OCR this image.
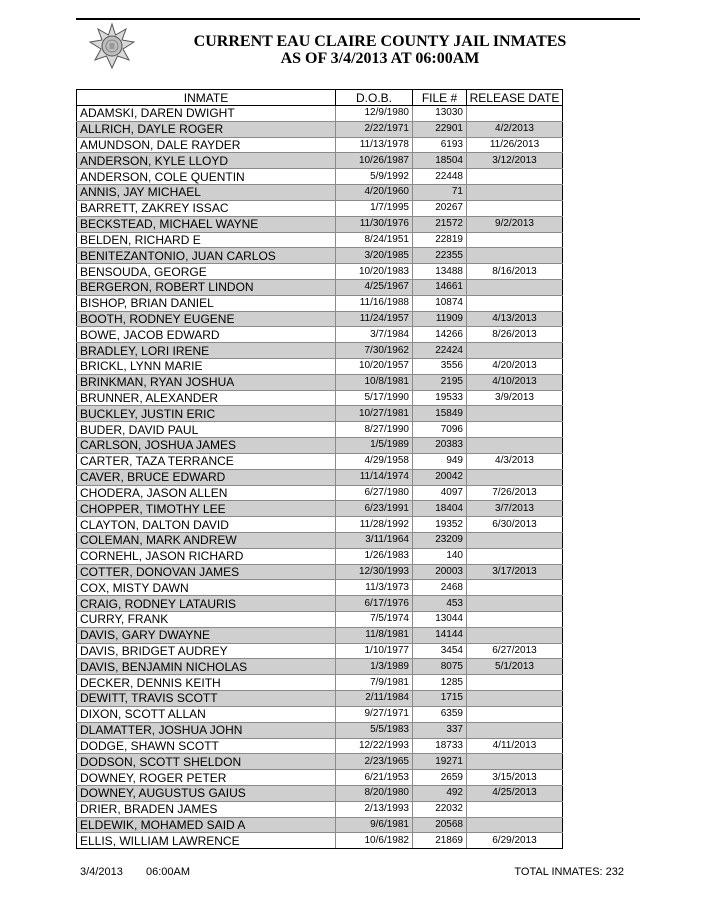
CURRENT EAU CLAIRE COUNTY JAIL INMATES
AS OF 3/4/2013 AT 06:00AM
INMATE	D.O.B.	FILE #	RELEASE DATE
ADAMSKI, DAREN DWIGHT	12/9/1980	13030	
ALLRICH, DAYLE ROGER	2/22/1971	22901	4/2/2013
AMUNDSON, DALE RAYDER	11/13/1978	6193	11/26/2013
ANDERSON, KYLE LLOYD	10/26/1987	18504	3/12/2013
ANDERSON, COLE QUENTIN	5/9/1992	22448	
ANNIS, JAY MICHAEL	4/20/1960	71	
BARRETT, ZAKREY ISSAC	1/7/1995	20267	
BECKSTEAD, MICHAEL WAYNE	11/30/1976	21572	9/2/2013
BELDEN, RICHARD E	8/24/1951	22819	
BENITEZANTONIO, JUAN CARLOS	3/20/1985	22355	
BENSOUDA, GEORGE	10/20/1983	13488	8/16/2013
BERGERON, ROBERT LINDON	4/25/1967	14661	
BISHOP, BRIAN DANIEL	11/16/1988	10874	
BOOTH, RODNEY EUGENE	11/24/1957	11909	4/13/2013
BOWE, JACOB EDWARD	3/7/1984	14266	8/26/2013
BRADLEY, LORI IRENE	7/30/1962	22424	
BRICKL, LYNN MARIE	10/20/1957	3556	4/20/2013
BRINKMAN, RYAN JOSHUA	10/8/1981	2195	4/10/2013
BRUNNER, ALEXANDER	5/17/1990	19533	3/9/2013
BUCKLEY, JUSTIN ERIC	10/27/1981	15849	
BUDER, DAVID PAUL	8/27/1990	7096	
CARLSON, JOSHUA JAMES	1/5/1989	20383	
CARTER, TAZA TERRANCE	4/29/1958	949	4/3/2013
CAVER, BRUCE EDWARD	11/14/1974	20042	
CHODERA, JASON ALLEN	6/27/1980	4097	7/26/2013
CHOPPER, TIMOTHY LEE	6/23/1991	18404	3/7/2013
CLAYTON, DALTON DAVID	11/28/1992	19352	6/30/2013
COLEMAN, MARK ANDREW	3/11/1964	23209	
CORNEHL, JASON RICHARD	1/26/1983	140	
COTTER, DONOVAN JAMES	12/30/1993	20003	3/17/2013
COX, MISTY DAWN	11/3/1973	2468	
CRAIG, RODNEY LATAURIS	6/17/1976	453	
CURRY, FRANK	7/5/1974	13044	
DAVIS, GARY DWAYNE	11/8/1981	14144	
DAVIS, BRIDGET AUDREY	1/10/1977	3454	6/27/2013
DAVIS, BENJAMIN NICHOLAS	1/3/1989	8075	5/1/2013
DECKER, DENNIS KEITH	7/9/1981	1285	
DEWITT, TRAVIS SCOTT	2/11/1984	1715	
DIXON, SCOTT ALLAN	9/27/1971	6359	
DLAMATTER, JOSHUA JOHN	5/5/1983	337	
DODGE, SHAWN SCOTT	12/22/1993	18733	4/11/2013
DODSON, SCOTT SHELDON	2/23/1965	19271	
DOWNEY, ROGER PETER	6/21/1953	2659	3/15/2013
DOWNEY, AUGUSTUS GAIUS	8/20/1980	492	4/25/2013
DRIER, BRADEN JAMES	2/13/1993	22032	
ELDEWIK, MOHAMED SAID A	9/6/1981	20568	
ELLIS, WILLIAM LAWRENCE	10/6/1982	21869	6/29/2013
3/4/2013 06:00AM	TOTAL INMATES: 232
